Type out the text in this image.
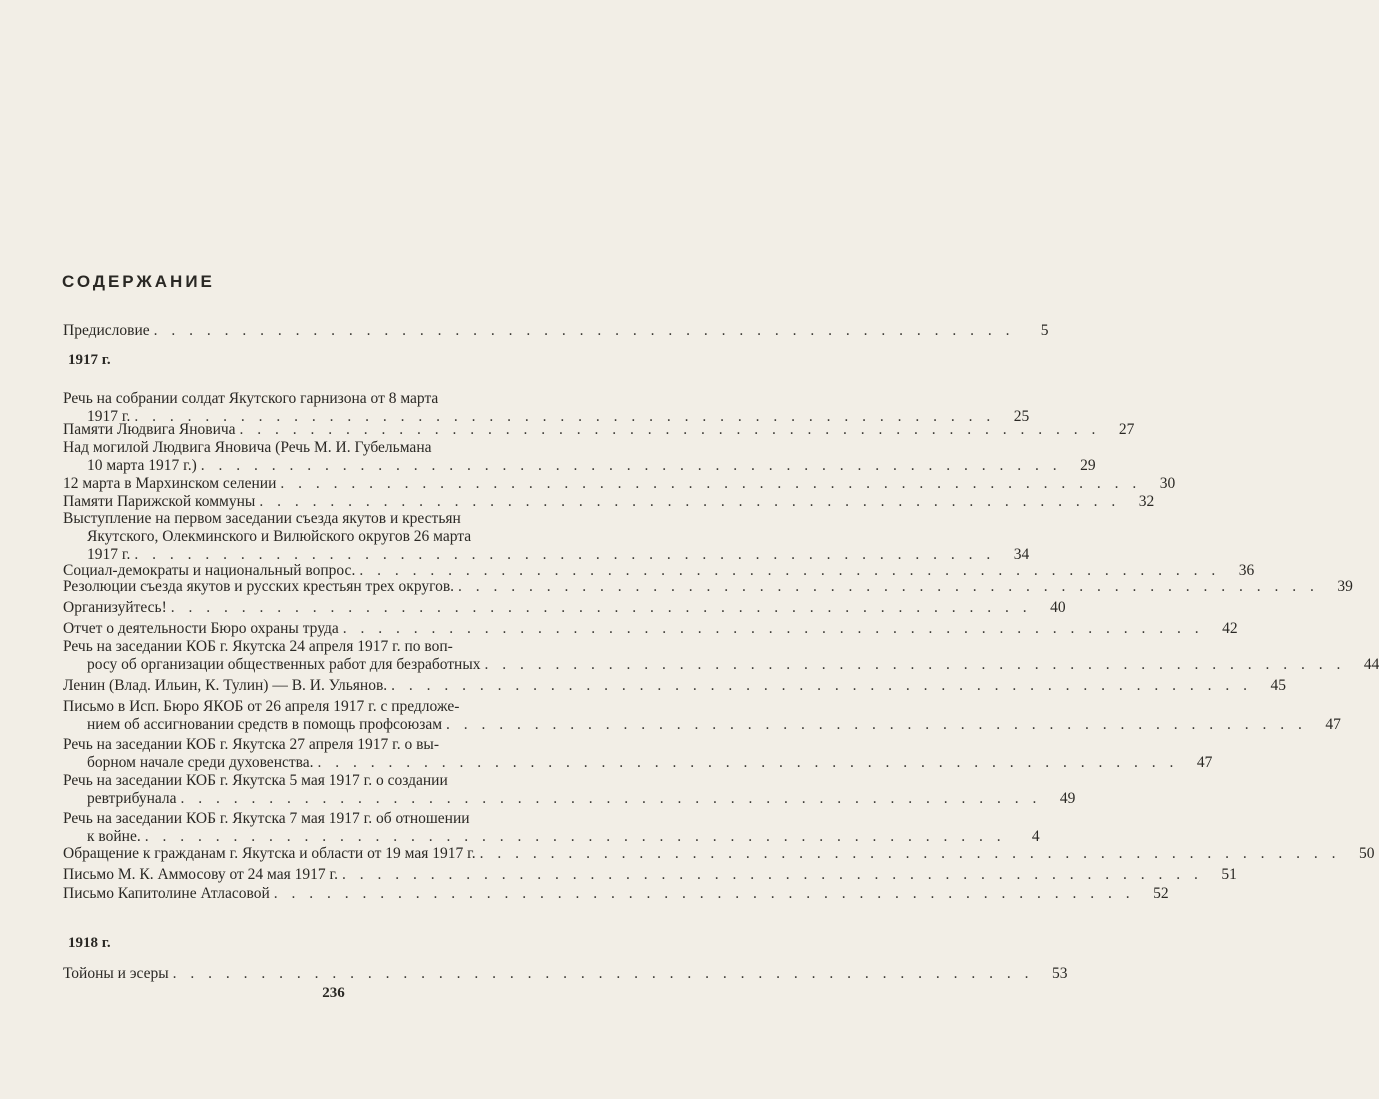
СОДЕРЖАНИЕ
Предисловие . . . . . . . . . . . . . . . . . . . . . . . . . . . . . . . . . . . . . . . . . . . . . . . . .	5
1917 г.
Речь на собрании солдат Якутского гарнизона от 8 марта
1917 г. . . . . . . . . . . . . . . . . . . . . . . . . . . . . . . . . . . . . . . . . . . . . . . . . .	25
Памяти Людвига Яновича . . . . . . . . . . . . . . . . . . . . . . . . . . . . . . . . . . . . . . . . . . . . . . . . .	27
Над могилой Людвига Яновича (Речь М. И. Губельмана
10 марта 1917 г.) . . . . . . . . . . . . . . . . . . . . . . . . . . . . . . . . . . . . . . . . . . . . . . . . .	29
12 марта в Мархинском селении . . . . . . . . . . . . . . . . . . . . . . . . . . . . . . . . . . . . . . . . . . . . . . . . .	30
Памяти Парижской коммуны . . . . . . . . . . . . . . . . . . . . . . . . . . . . . . . . . . . . . . . . . . . . . . . . .	32
Выступление на первом заседании съезда якутов и крестьян
Якутского, Олекминского и Вилюйского округов 26 марта
1917 г. . . . . . . . . . . . . . . . . . . . . . . . . . . . . . . . . . . . . . . . . . . . . . . . . .	34
Социал-демократы и национальный вопрос. . . . . . . . . . . . . . . . . . . . . . . . . . . . . . . . . . . . . . . . . . . . . . . . . .	36
Резолюции съезда якутов и русских крестьян трех округов. . . . . . . . . . . . . . . . . . . . . . . . . . . . . . . . . . . . . . . . . . . . . . . . . .	39
Организуйтесь! . . . . . . . . . . . . . . . . . . . . . . . . . . . . . . . . . . . . . . . . . . . . . . . . .	40
Отчет о деятельности Бюро охраны труда . . . . . . . . . . . . . . . . . . . . . . . . . . . . . . . . . . . . . . . . . . . . . . . . .	42
Речь на заседании КОБ г. Якутска 24 апреля 1917 г. по воп-
росу об организации общественных работ для безработных . . . . . . . . . . . . . . . . . . . . . . . . . . . . . . . . . . . . . . . . . . . . . . . . .	44
Ленин (Влад. Ильин, К. Тулин) — В. И. Ульянов. . . . . . . . . . . . . . . . . . . . . . . . . . . . . . . . . . . . . . . . . . . . . . . . . .	45
Письмо в Исп. Бюро ЯКОБ от 26 апреля 1917 г. с предложе-
нием об ассигновании средств в помощь профсоюзам . . . . . . . . . . . . . . . . . . . . . . . . . . . . . . . . . . . . . . . . . . . . . . . . .	47
Речь на заседании КОБ г. Якутска 27 апреля 1917 г. о вы-
борном начале среди духовенства. . . . . . . . . . . . . . . . . . . . . . . . . . . . . . . . . . . . . . . . . . . . . . . . . .	47
Речь на заседании КОБ г. Якутска 5 мая 1917 г. о создании
ревтрибунала . . . . . . . . . . . . . . . . . . . . . . . . . . . . . . . . . . . . . . . . . . . . . . . . .	49
Речь на заседании КОБ г. Якутска 7 мая 1917 г. об отношении
к войне. . . . . . . . . . . . . . . . . . . . . . . . . . . . . . . . . . . . . . . . . . . . . . . . . .	4
Обращение к гражданам г. Якутска и области от 19 мая 1917 г. . . . . . . . . . . . . . . . . . . . . . . . . . . . . . . . . . . . . . . . . . . . . . . . . .	50
Письмо М. К. Аммосову от 24 мая 1917 г. . . . . . . . . . . . . . . . . . . . . . . . . . . . . . . . . . . . . . . . . . . . . . . . . .	51
Письмо Капитолине Атласовой . . . . . . . . . . . . . . . . . . . . . . . . . . . . . . . . . . . . . . . . . . . . . . . . .	52
1918 г.
Тойоны и эсеры . . . . . . . . . . . . . . . . . . . . . . . . . . . . . . . . . . . . . . . . . . . . . . . . .	53
236
